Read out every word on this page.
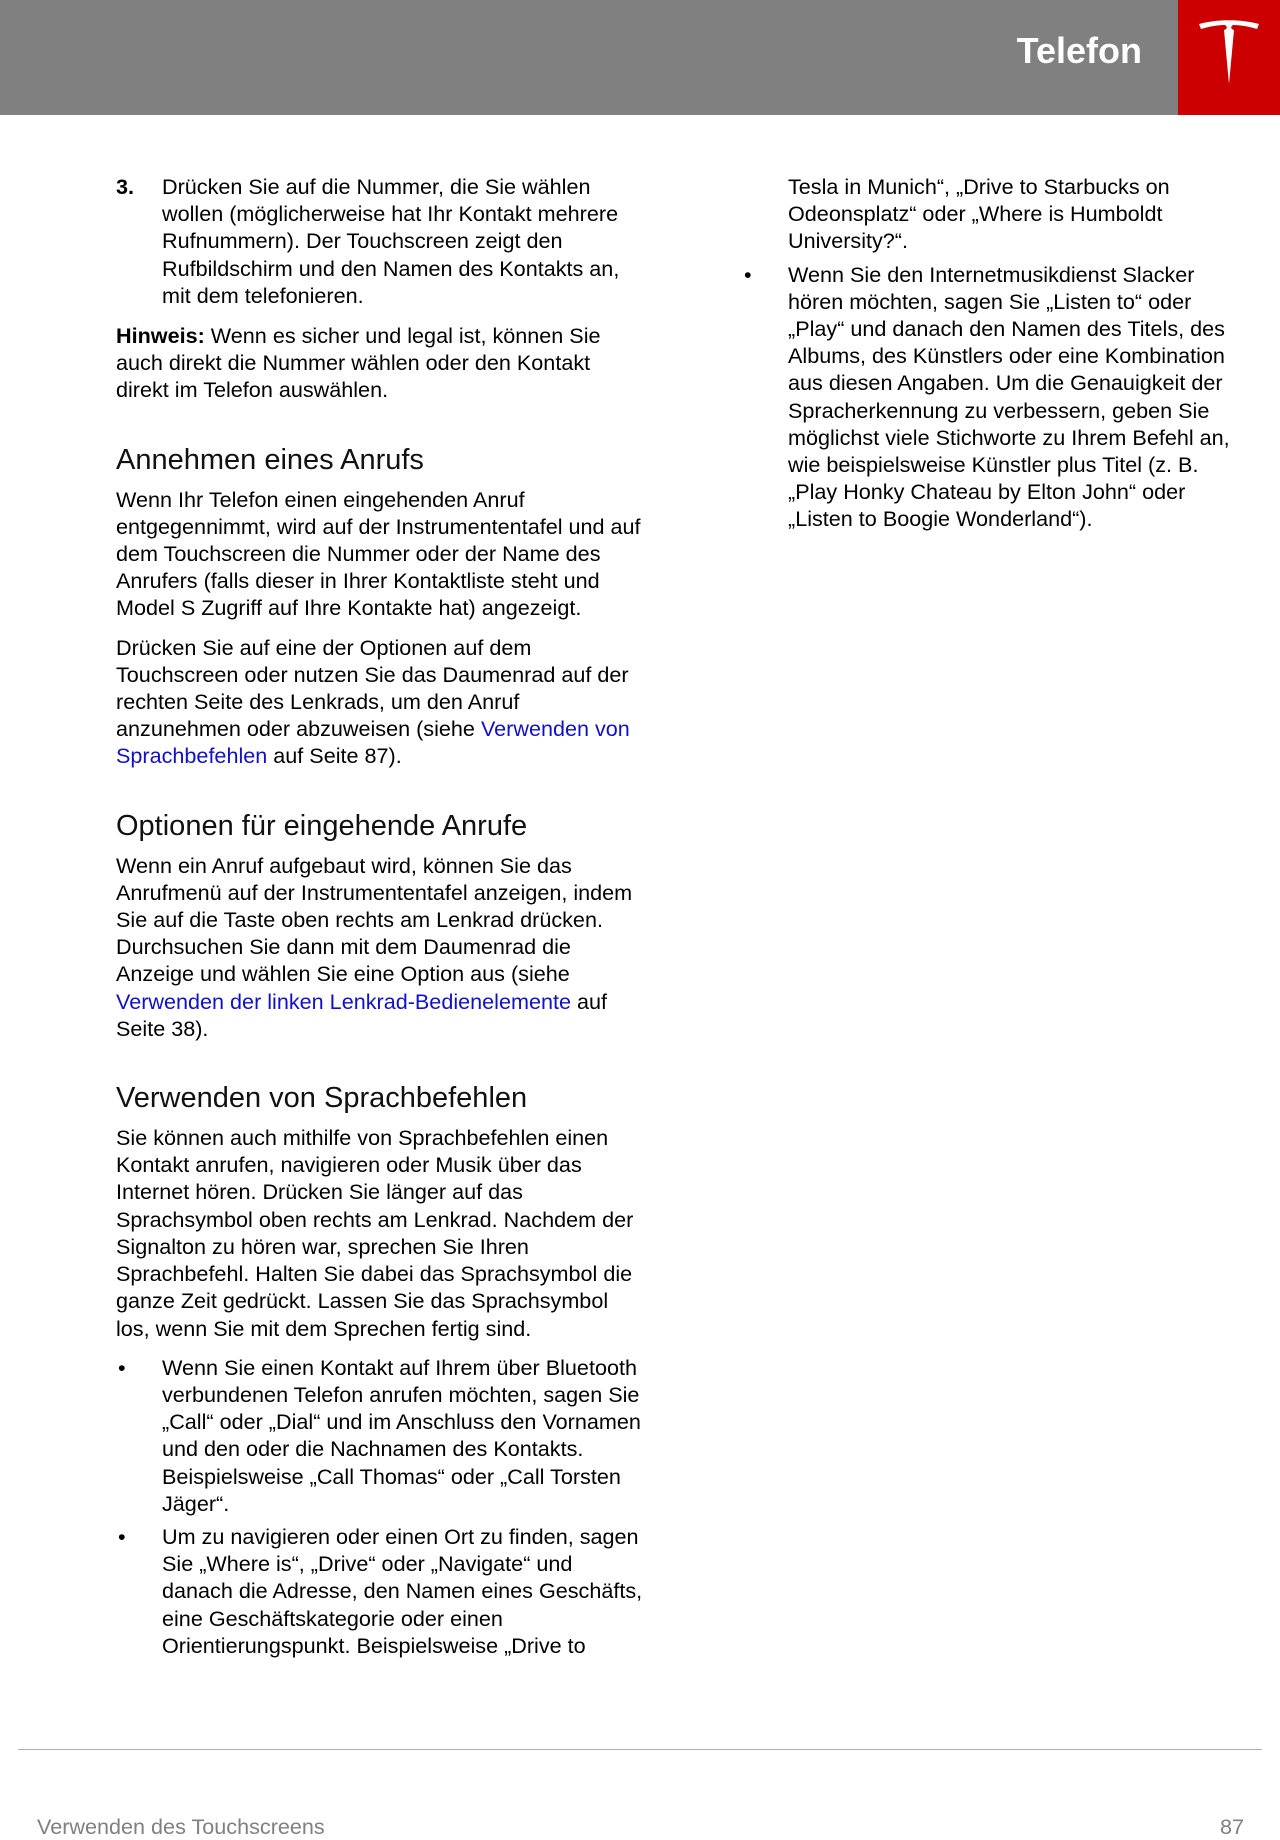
Telefon
3. Drücken Sie auf die Nummer, die Sie wählen wollen (möglicherweise hat Ihr Kontakt mehrere Rufnummern). Der Touchscreen zeigt den Rufbildschirm und den Namen des Kontakts an, mit dem telefonieren.

Hinweis: Wenn es sicher und legal ist, können Sie auch direkt die Nummer wählen oder den Kontakt direkt im Telefon auswählen.

Annehmen eines Anrufs

Wenn Ihr Telefon einen eingehenden Anruf entgegennimmt, wird auf der Instrumententafel und auf dem Touchscreen die Nummer oder der Name des Anrufers (falls dieser in Ihrer Kontaktliste steht und Model S Zugriff auf Ihre Kontakte hat) angezeigt.

Drücken Sie auf eine der Optionen auf dem Touchscreen oder nutzen Sie das Daumenrad auf der rechten Seite des Lenkrads, um den Anruf anzunehmen oder abzuweisen (siehe Verwenden von Sprachbefehlen auf Seite 87).

Optionen für eingehende Anrufe

Wenn ein Anruf aufgebaut wird, können Sie das Anrufmenü auf der Instrumententafel anzeigen, indem Sie auf die Taste oben rechts am Lenkrad drücken. Durchsuchen Sie dann mit dem Daumenrad die Anzeige und wählen Sie eine Option aus (siehe Verwenden der linken Lenkrad-Bedienelemente auf Seite 38).

Verwenden von Sprachbefehlen

Sie können auch mithilfe von Sprachbefehlen einen Kontakt anrufen, navigieren oder Musik über das Internet hören. Drücken Sie länger auf das Sprachsymbol oben rechts am Lenkrad. Nachdem der Signalton zu hören war, sprechen Sie Ihren Sprachbefehl. Halten Sie dabei das Sprachsymbol die ganze Zeit gedrückt. Lassen Sie das Sprachsymbol los, wenn Sie mit dem Sprechen fertig sind.

• Wenn Sie einen Kontakt auf Ihrem über Bluetooth verbundenen Telefon anrufen möchten, sagen Sie „Call“ oder „Dial“ und im Anschluss den Vornamen und den oder die Nachnamen des Kontakts. Beispielsweise „Call Thomas“ oder „Call Torsten Jäger“.
• Um zu navigieren oder einen Ort zu finden, sagen Sie „Where is“, „Drive“ oder „Navigate“ und danach die Adresse, den Namen eines Geschäfts, eine Geschäftskategorie oder einen Orientierungspunkt. Beispielsweise „Drive to
Tesla in Munich“, „Drive to Starbucks on Odeonsplatz“ oder „Where is Humboldt University?“.
• Wenn Sie den Internetmusikdienst Slacker hören möchten, sagen Sie „Listen to“ oder „Play“ und danach den Namen des Titels, des Albums, des Künstlers oder eine Kombination aus diesen Angaben. Um die Genauigkeit der Spracherkennung zu verbessern, geben Sie möglichst viele Stichworte zu Ihrem Befehl an, wie beispielsweise Künstler plus Titel (z. B. „Play Honky Chateau by Elton John“ oder „Listen to Boogie Wonderland“).
Verwenden des Touchscreens	87
